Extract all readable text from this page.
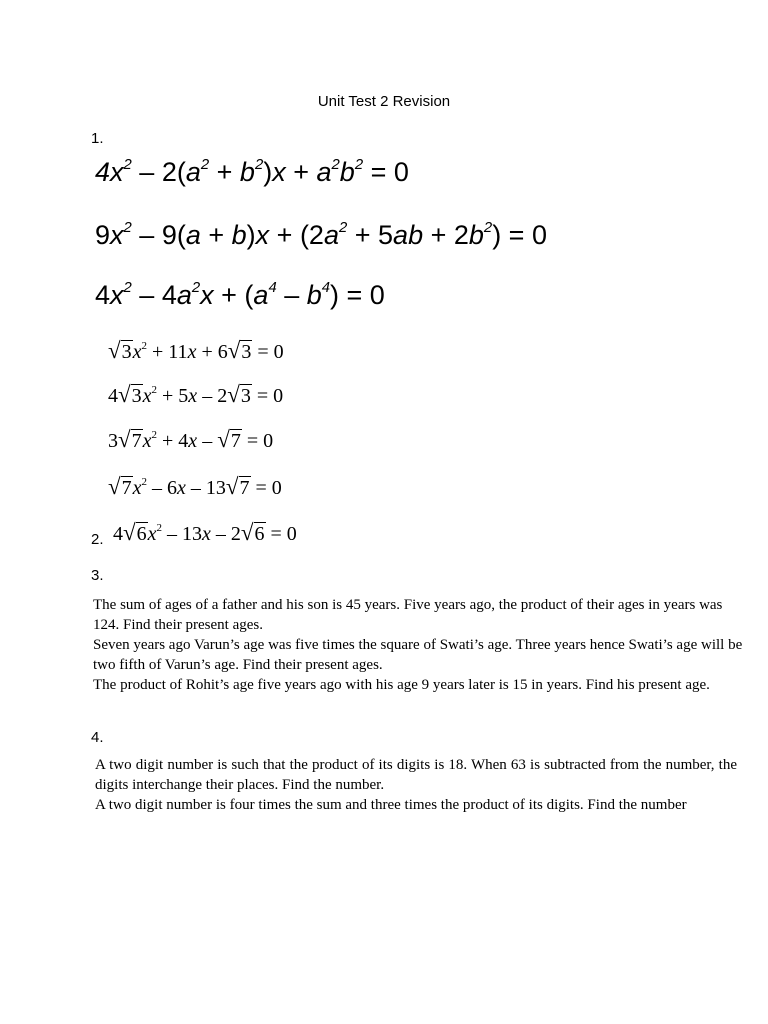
Unit Test 2 Revision
1.
$4x^2 - 2(a^2 + b^2)x + a^2b^2 = 0$
$9x^2 - 9(a + b)x + (2a^2 + 5ab + 2b^2) = 0$
$4x^2 - 4a^2x + (a^4 - b^4) = 0$
$√3x^2 + 11x + 6√3 = 0$
$4√3x^2 + 5x - 2√3 = 0$
$3√7x^2 + 4x - √7 = 0$
$√7x^2 - 6x - 13√7 = 0$
2. $4√6x^2 - 13x - 2√6 = 0$
3.

The sum of ages of a father and his son is 45 years. Five years ago, the product of their ages in years was 124. Find their present ages.

Seven years ago Varun’s age was five times the square of Swati’s age. Three years hence Swati’s age will be two fifth of Varun’s age. Find their present ages.

The product of Rohit’s age five years ago with his age 9 years later is 15 in years. Find his present age.

4.

A two digit number is such that the product of its digits is 18. When 63 is subtracted from the number, the digits interchange their places. Find the number.

A two digit number is four times the sum and three times the product of its digits. Find the number
